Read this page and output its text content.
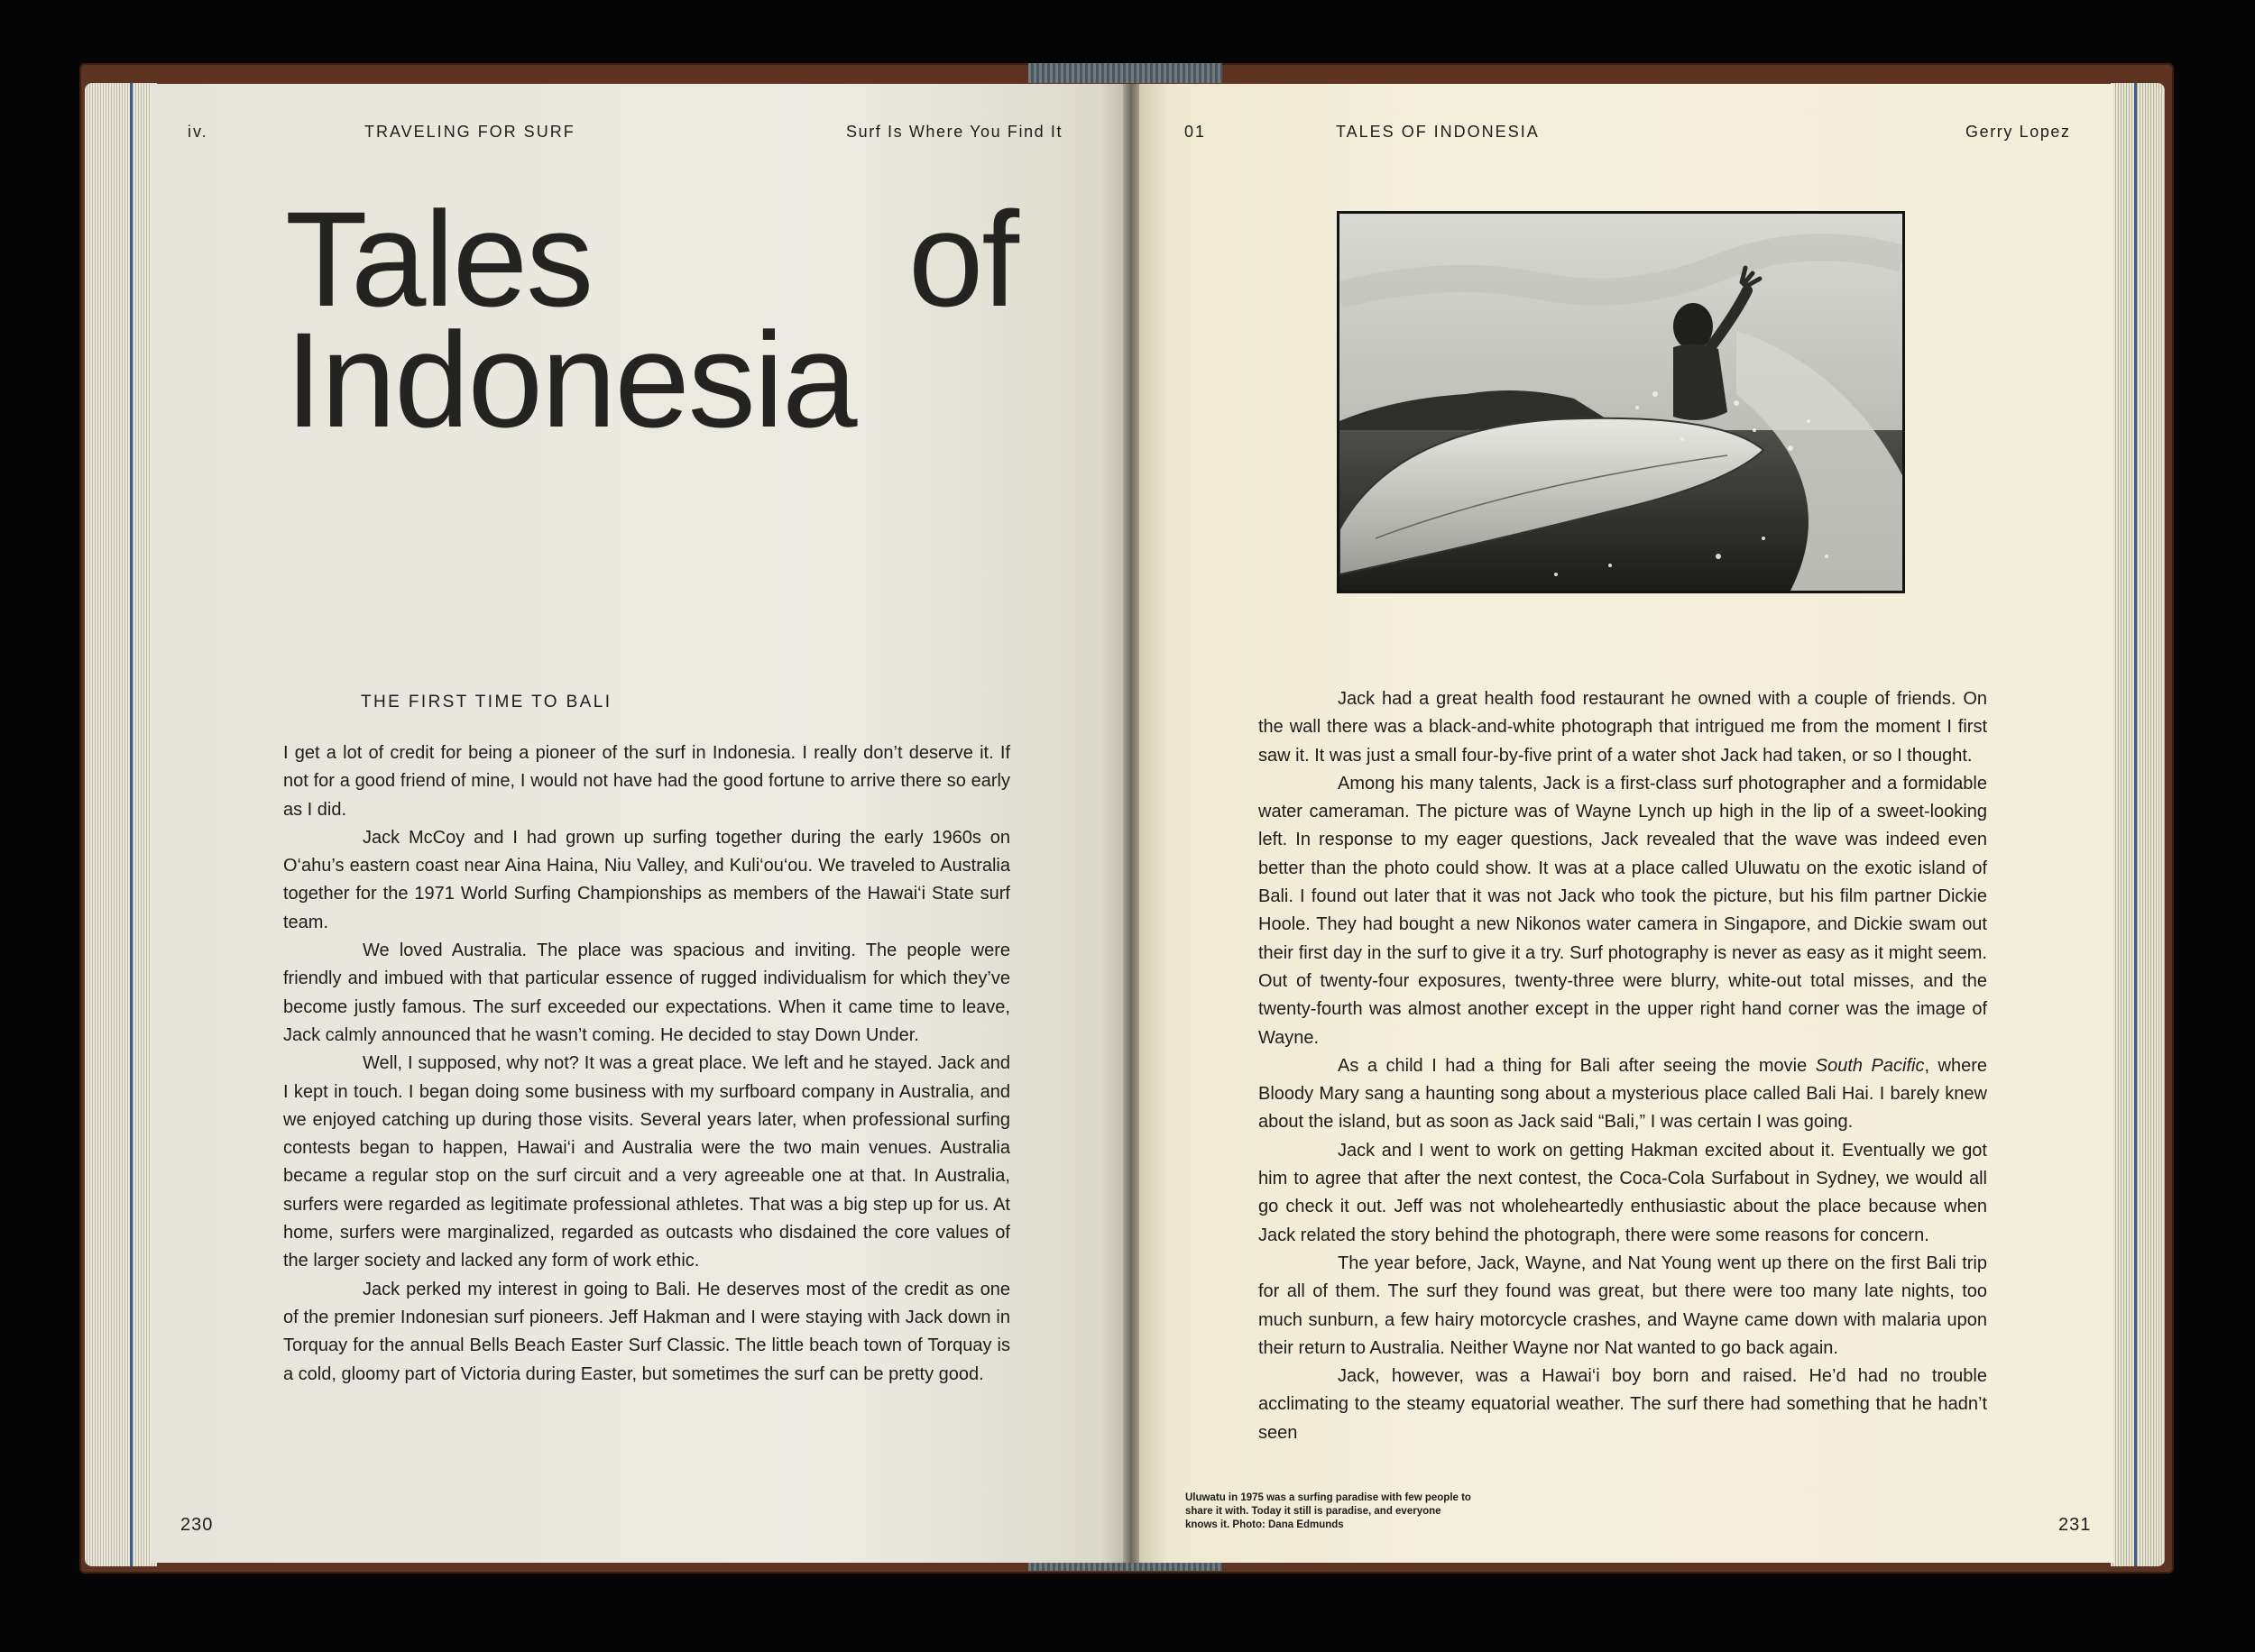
iv.	TRAVELING FOR SURF	Surf Is Where You Find It
Tales of
Indonesia
THE FIRST TIME TO BALI

I get a lot of credit for being a pioneer of the surf in Indonesia. I really don’t deserve it. If not for a good friend of mine, I would not have had the good fortune to arrive there so early as I did.

Jack McCoy and I had grown up surfing together during the early 1960s on O‘ahu’s eastern coast near Aina Haina, Niu Valley, and Kuli‘ou‘ou. We traveled to Australia together for the 1971 World Surfing Championships as members of the Hawai‘i State surf team.

We loved Australia. The place was spacious and inviting. The people were friendly and imbued with that particular essence of rugged individualism for which they’ve become justly famous. The surf exceeded our expectations. When it came time to leave, Jack calmly announced that he wasn’t coming. He decided to stay Down Under.

Well, I supposed, why not? It was a great place. We left and he stayed. Jack and I kept in touch. I began doing some business with my surfboard company in Australia, and we enjoyed catching up during those visits. Several years later, when professional surfing contests began to happen, Hawai‘i and Australia were the two main venues. Australia became a regular stop on the surf circuit and a very agreeable one at that. In Australia, surfers were regarded as legitimate professional athletes. That was a big step up for us. At home, surfers were marginalized, regarded as outcasts who disdained the core values of the larger society and lacked any form of work ethic.

Jack perked my interest in going to Bali. He deserves most of the credit as one of the premier Indonesian surf pioneers. Jeff Hakman and I were staying with Jack down in Torquay for the annual Bells Beach Easter Surf Classic. The little beach town of Torquay is a cold, gloomy part of Victoria during Easter, but sometimes the surf can be pretty good.

230
01	TALES OF INDONESIA	Gerry Lopez

Jack had a great health food restaurant he owned with a couple of friends. On the wall there was a black-and-white photograph that intrigued me from the moment I first saw it. It was just a small four-by-five print of a water shot Jack had taken, or so I thought.

Among his many talents, Jack is a first-class surf photographer and a formidable water cameraman. The picture was of Wayne Lynch up high in the lip of a sweet-looking left. In response to my eager questions, Jack revealed that the wave was indeed even better than the photo could show. It was at a place called Uluwatu on the exotic island of Bali. I found out later that it was not Jack who took the picture, but his film partner Dickie Hoole. They had bought a new Nikonos water camera in Singapore, and Dickie swam out their first day in the surf to give it a try. Surf photography is never as easy as it might seem. Out of twenty-four exposures, twenty-three were blurry, white-out total misses, and the twenty-fourth was almost another except in the upper right hand corner was the image of Wayne.

As a child I had a thing for Bali after seeing the movie South Pacific, where Bloody Mary sang a haunting song about a mysterious place called Bali Hai. I barely knew about the island, but as soon as Jack said “Bali,” I was certain I was going.

Jack and I went to work on getting Hakman excited about it. Eventually we got him to agree that after the next contest, the Coca-Cola Surfabout in Sydney, we would all go check it out. Jeff was not wholeheartedly enthusiastic about the place because when Jack related the story behind the photograph, there were some reasons for concern.

The year before, Jack, Wayne, and Nat Young went up there on the first Bali trip for all of them. The surf they found was great, but there were too many late nights, too much sunburn, a few hairy motorcycle crashes, and Wayne came down with malaria upon their return to Australia. Neither Wayne nor Nat wanted to go back again.

Jack, however, was a Hawai‘i boy born and raised. He’d had no trouble acclimating to the steamy equatorial weather. The surf there had something that he hadn’t seen

Uluwatu in 1975 was a surfing paradise with few people to share it with. Today it still is paradise, and everyone knows it. Photo: Dana Edmunds	231
